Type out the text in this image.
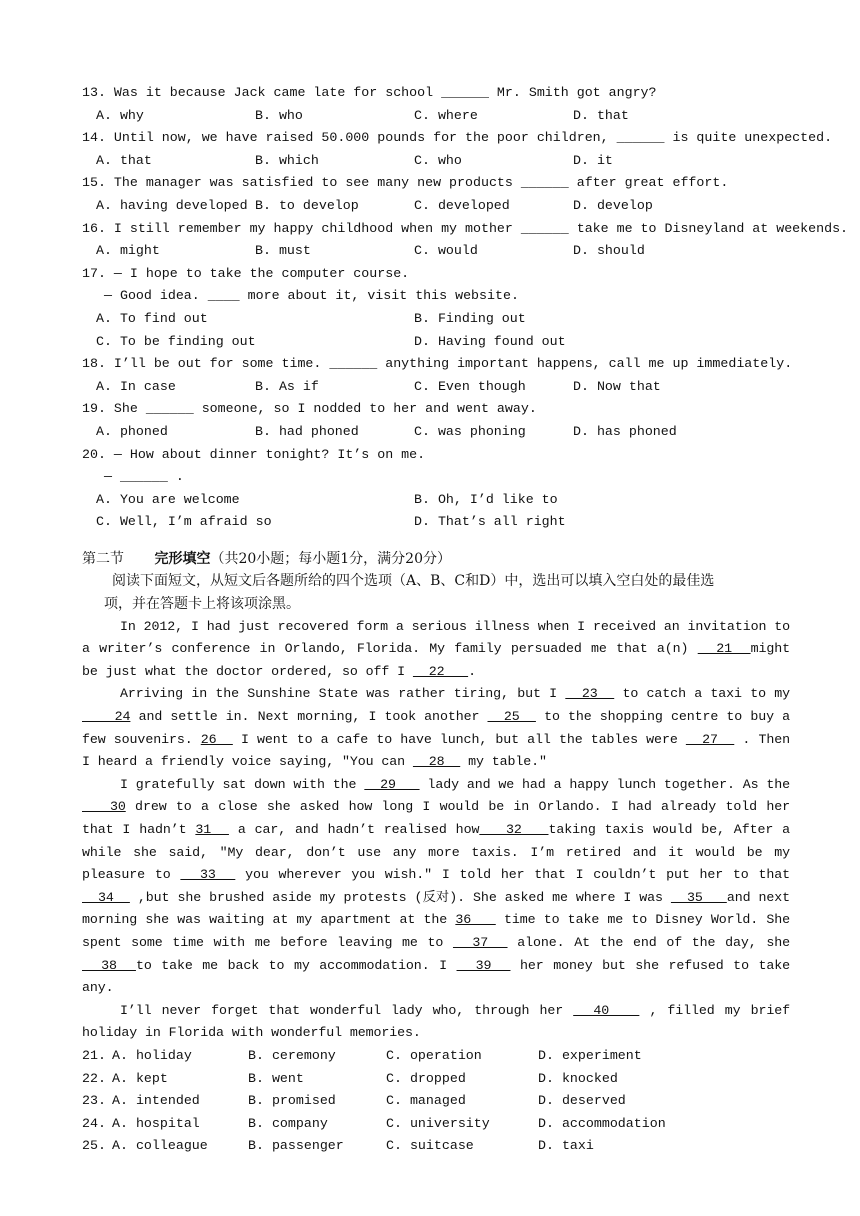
13. Was it because Jack came late for school ______ Mr. Smith got angry?
A. why	B. who	C. where	D. that
14. Until now, we have raised 50.000 pounds for the poor children, ______ is quite unexpected.
A. that	B. which	C. who	D. it
15. The manager was satisfied to see many new products ______ after great effort.
A. having developed B. to develop	C. developed	D. develop
16. I still remember my happy childhood when my mother ______ take me to Disneyland at weekends.
A. might	B. must	C. would	D. should
17. — I hope to take the computer course.
— Good idea. ____ more about it, visit this website.
A. To find out	B. Finding out
C. To be finding out	D. Having found out
18. I’ll be out for some time. ______ anything important happens, call me up immediately.
A. In case	B. As if	C. Even though	D. Now that
19. She ______ someone, so I nodded to her and went away.
A. phoned	B. had phoned	C. was phoning	D. has phoned
20. — How about dinner tonight? It’s on me.
— ______ .
A. You are welcome	B. Oh, I’d like to
C. Well, I’m afraid so	D. That’s all right
第二节 完形填空（共20小题；每小题1分，满分20分）
阅读下面短文，从短文后各题所给的四个选项（A、B、C和D）中，选出可以填入空白处的最佳选
项，并在答题卡上将该项涂黑。
In 2012, I had just recovered form a serious illness when I received an invitation to a writer’s conference in Orlando, Florida. My family persuaded me that a(n)   21  might be just what the doctor ordered, so off I   22   .
Arriving in the Sunshine State was rather tiring, but I   23   to catch a taxi to my    24 and settle in. Next morning, I took another   25   to the shopping centre to buy a few souvenirs. 26   I went to a cafe to have lunch, but all the tables were   27   . Then I heard a friendly voice saying, "You can   28   my table."
I gratefully sat down with the   29    lady and we had a happy lunch together. As the    30 drew to a close she asked how long I would be in Orlando. I had already told her that I hadn’t 31   a car, and hadn’t realised how   32   taking taxis would be, After a while she said, "My dear, don’t use any more taxis. I’m retired and it would be my pleasure to   33   you wherever you wish." I told her that I couldn’t put her to that   34   ,but she brushed aside my protests (反对). She asked me where I was   35   and next morning she was waiting at my apartment at the 36    time to take me to Disney World. She spent some time with me before leaving me to   37   alone. At the end of the day, she   38  to take me back to my accommodation. I   39   her money but she refused to take any.
I’ll never forget that wonderful lady who, through her   40    , filled my brief holiday in Florida with wonderful memories.
21. A. holiday	B. ceremony	C. operation	D. experiment
22. A. kept	B. went	C. dropped	D. knocked
23. A. intended	B. promised	C. managed	D. deserved
24. A. hospital	B. company	C. university	D. accommodation
25. A. colleague	B. passenger	C. suitcase	D. taxi
